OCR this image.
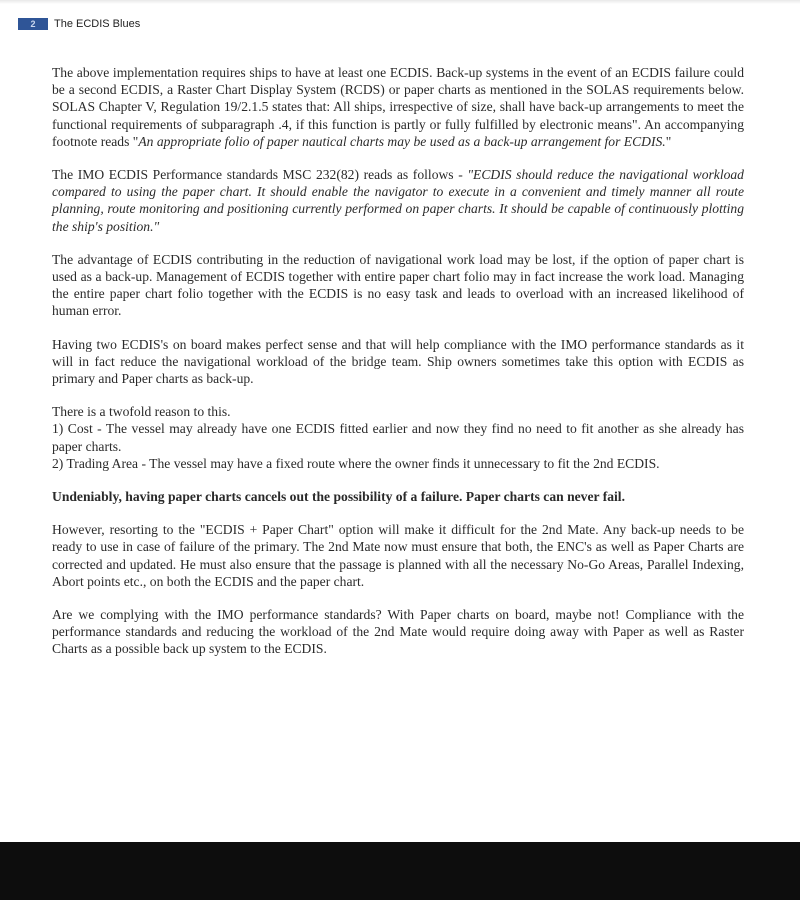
2	The ECDIS Blues

The above implementation requires ships to have at least one ECDIS. Back-up systems in the event of an ECDIS failure could be a second ECDIS, a Raster Chart Display System (RCDS) or paper charts as mentioned in the SOLAS requirements below. SOLAS Chapter V, Regulation 19/2.1.5 states that: All ships, irrespective of size, shall have back-up arrangements to meet the functional requirements of subparagraph .4, if this function is partly or fully fulfilled by electronic means". An accompanying footnote reads "An appropriate folio of paper nautical charts may be used as a back-up arrangement for ECDIS."

The IMO ECDIS Performance standards MSC 232(82) reads as follows - "ECDIS should reduce the navigational workload compared to using the paper chart. It should enable the navigator to execute in a convenient and timely manner all route planning, route monitoring and positioning currently performed on paper charts. It should be capable of continuously plotting the ship's position."

The advantage of ECDIS contributing in the reduction of navigational work load may be lost, if the option of paper chart is used as a back-up. Management of ECDIS together with entire paper chart folio may in fact increase the work load. Managing the entire paper chart folio together with the ECDIS is no easy task and leads to overload with an increased likelihood of human error.

Having two ECDIS's on board makes perfect sense and that will help compliance with the IMO performance standards as it will in fact reduce the navigational workload of the bridge team. Ship owners sometimes take this option with ECDIS as primary and Paper charts as back-up.

There is a twofold reason to this.
1) Cost - The vessel may already have one ECDIS fitted earlier and now they find no need to fit another as she already has paper charts.
2) Trading Area - The vessel may have a fixed route where the owner finds it unnecessary to fit the 2nd ECDIS.

Undeniably, having paper charts cancels out the possibility of a failure. Paper charts can never fail.

However, resorting to the "ECDIS + Paper Chart" option will make it difficult for the 2nd Mate. Any back-up needs to be ready to use in case of failure of the primary. The 2nd Mate now must ensure that both, the ENC's as well as Paper Charts are corrected and updated. He must also ensure that the passage is planned with all the necessary No-Go Areas, Parallel Indexing, Abort points etc., on both the ECDIS and the paper chart.

Are we complying with the IMO performance standards? With Paper charts on board, maybe not! Compliance with the performance standards and reducing the workload of the 2nd Mate would require doing away with Paper as well as Raster Charts as a possible back up system to the ECDIS.
